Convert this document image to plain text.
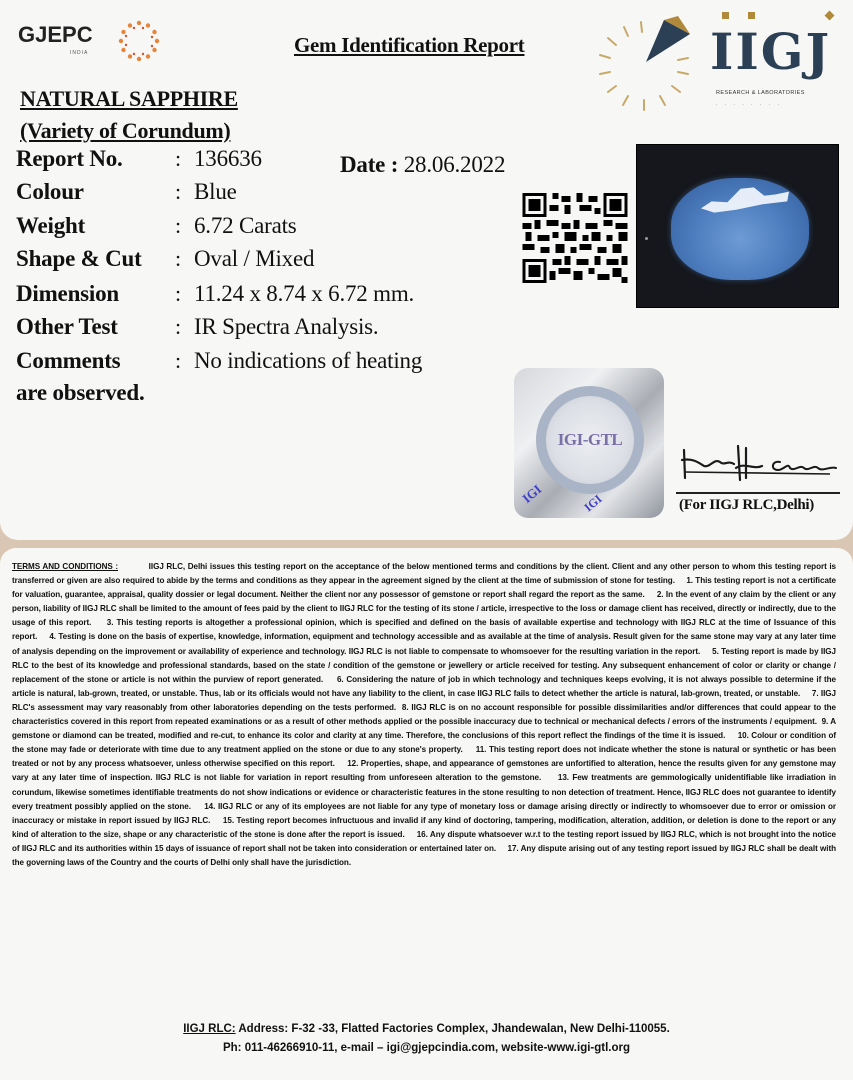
GJEPC
INDIA	Gem Identification Report	IIGJ
RESEARCH & LABORATORIES
. . . . . . . .
NATURAL SAPPHIRE
(Variety of Corundum)
Report No. : 136636
Colour	: Blue
Weight	: 6.72 Carats
Shape & Cut : Oval / Mixed
Dimension	: 11.24 x 8.74 x 6.72 mm.
Other Test	: IR Spectra Analysis.
Comments : No indications of heating
are observed.
Date : 28.06.2022
IGI-GTL
IGI	IGI	(For IIGJ RLC,Delhi)
TERMS AND CONDITIONS :	IIGJ RLC, Delhi issues this testing report on the acceptance of the below mentioned terms and conditions by the client. Client and any other person to whom this testing report is transferred or given are also required to abide by the terms and conditions as they appear in the agreement signed by the client at the time of submission of stone for testing.

1. This testing report is not a certificate for valuation, guarantee, appraisal, quality dossier or legal document. Neither the client nor any possessor of gemstone or report shall regard the report as the same.

2. In the event of any claim by the client or any person, liability of IIGJ RLC shall be limited to the amount of fees paid by the client to IIGJ RLC for the testing of its stone / article, irrespective to the loss or damage client has received, directly or indirectly, due to the usage of this report.

3. This testing reports is altogether a professional opinion, which is specified and defined on the basis of available expertise and technology with IIGJ RLC at the time of Issuance of this report.

4. Testing is done on the basis of expertise, knowledge, information, equipment and technology accessible and as available at the time of analysis. Result given for the same stone may vary at any later time of analysis depending on the improvement or availability of experience and technology. IIGJ RLC is not liable to compensate to whomsoever for the resulting variation in the report.

5. Testing report is made by IIGJ RLC to the best of its knowledge and professional standards, based on the state / condition of the gemstone or jewellery or article received for testing. Any subsequent enhancement of color or clarity or change / replacement of the stone or article is not within the purview of report generated.

6. Considering the nature of job in which technology and techniques keeps evolving, it is not always possible to determine if the article is natural, lab-grown, treated, or unstable. Thus, lab or its officials would not have any liability to the client, in case IIGJ RLC fails to detect whether the article is natural, lab-grown, treated, or unstable.

7. IIGJ RLC's assessment may vary reasonably from other laboratories depending on the tests performed.

8. IIGJ RLC is on no account responsible for possible dissimilarities and/or differences that could appear to the characteristics covered in this report from repeated examinations or as a result of other methods applied or the possible inaccuracy due to technical or mechanical defects / errors of the instruments / equipment.

9. A gemstone or diamond can be treated, modified and re-cut, to enhance its color and clarity at any time. Therefore, the conclusions of this report reflect the findings of the time it is issued.

10. Colour or condition of the stone may fade or deteriorate with time due to any treatment applied on the stone or due to any stone's property.

11. This testing report does not indicate whether the stone is natural or synthetic or has been treated or not by any process whatsoever, unless otherwise specified on this report.

12. Properties, shape, and appearance of gemstones are unfortified to alteration, hence the results given for any gemstone may vary at any later time of inspection. IIGJ RLC is not liable for variation in report resulting from unforeseen alteration to the gemstone.

13. Few treatments are gemmologically unidentifiable like irradiation in corundum, likewise sometimes identifiable treatments do not show indications or evidence or characteristic features in the stone resulting to non detection of treatment. Hence, IIGJ RLC does not guarantee to identify every treatment possibly applied on the stone.

14. IIGJ RLC or any of its employees are not liable for any type of monetary loss or damage arising directly or indirectly to whomsoever due to error or omission or inaccuracy or mistake in report issued by IIGJ RLC.

15. Testing report becomes infructuous and invalid if any kind of doctoring, tampering, modification, alteration, addition, or deletion is done to the report or any kind of alteration to the size, shape or any characteristic of the stone is done after the report is issued.

16. Any dispute whatsoever w.r.t to the testing report issued by IIGJ RLC, which is not brought into the notice of IIGJ RLC and its authorities within 15 days of issuance of report shall not be taken into consideration or entertained later on.

17. Any dispute arising out of any testing report issued by IIGJ RLC shall be dealt with the governing laws of the Country and the courts of Delhi only shall have the jurisdiction.

IIGJ RLC: Address: F-32 -33, Flatted Factories Complex, Jhandewalan, New Delhi-110055.
Ph: 011-46266910-11, e-mail – igi@gjepcindia.com, website-www.igi-gtl.org
